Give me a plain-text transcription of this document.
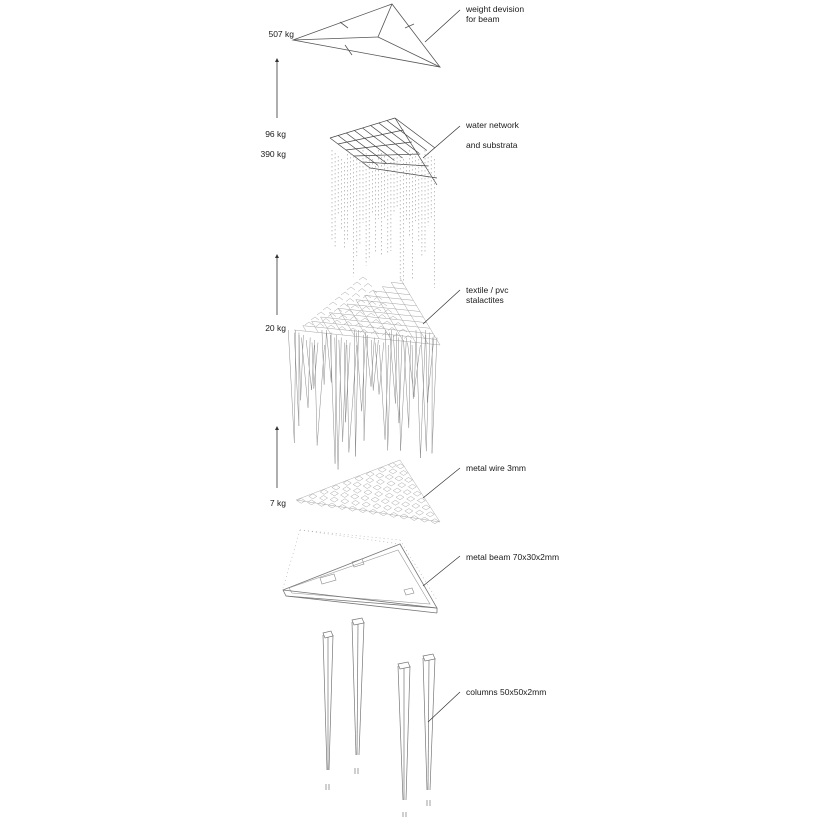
507 kg
96 kg
390 kg
20 kg
7 kg
weight devision
for beam
water network
and substrata
textile / pvc
stalactites
metal wire 3mm
metal beam 70x30x2mm
columns 50x50x2mm
